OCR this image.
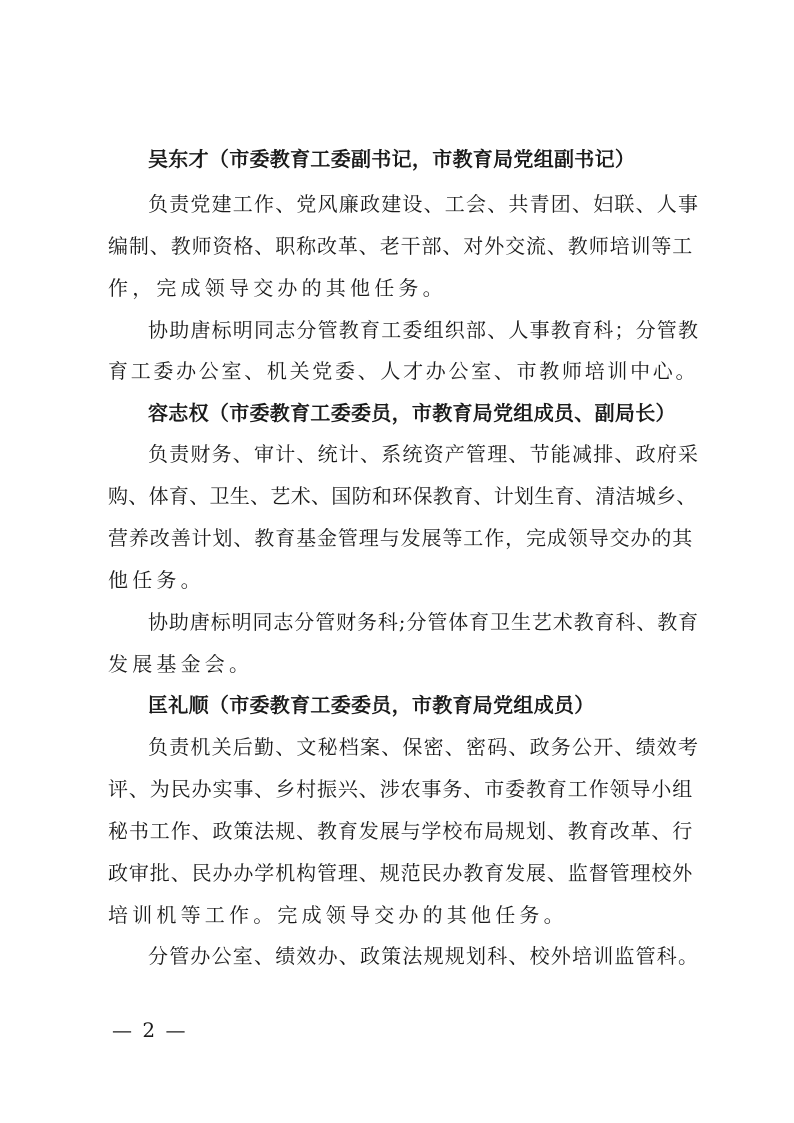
吴东才（市委教育工委副书记，市教育局党组副书记）
负责党建工作、党风廉政建设、工会、共青团、妇联、人事
编制、教师资格、职称改革、老干部、对外交流、教师培训等工
作，完成领导交办的其他任务。
协助唐标明同志分管教育工委组织部、人事教育科；分管教
育工委办公室、机关党委、人才办公室、市教师培训中心。
容志权（市委教育工委委员，市教育局党组成员、副局长）
负责财务、审计、统计、系统资产管理、节能减排、政府采
购、体育、卫生、艺术、国防和环保教育、计划生育、清洁城乡、
营养改善计划、教育基金管理与发展等工作，完成领导交办的其
他任务。
协助唐标明同志分管财务科;分管体育卫生艺术教育科、教育
发展基金会。
匡礼顺（市委教育工委委员，市教育局党组成员）
负责机关后勤、文秘档案、保密、密码、政务公开、绩效考
评、为民办实事、乡村振兴、涉农事务、市委教育工作领导小组
秘书工作、政策法规、教育发展与学校布局规划、教育改革、行
政审批、民办办学机构管理、规范民办教育发展、监督管理校外
培训机等工作。完成领导交办的其他任务。
分管办公室、绩效办、政策法规规划科、校外培训监管科。
— 2 —
